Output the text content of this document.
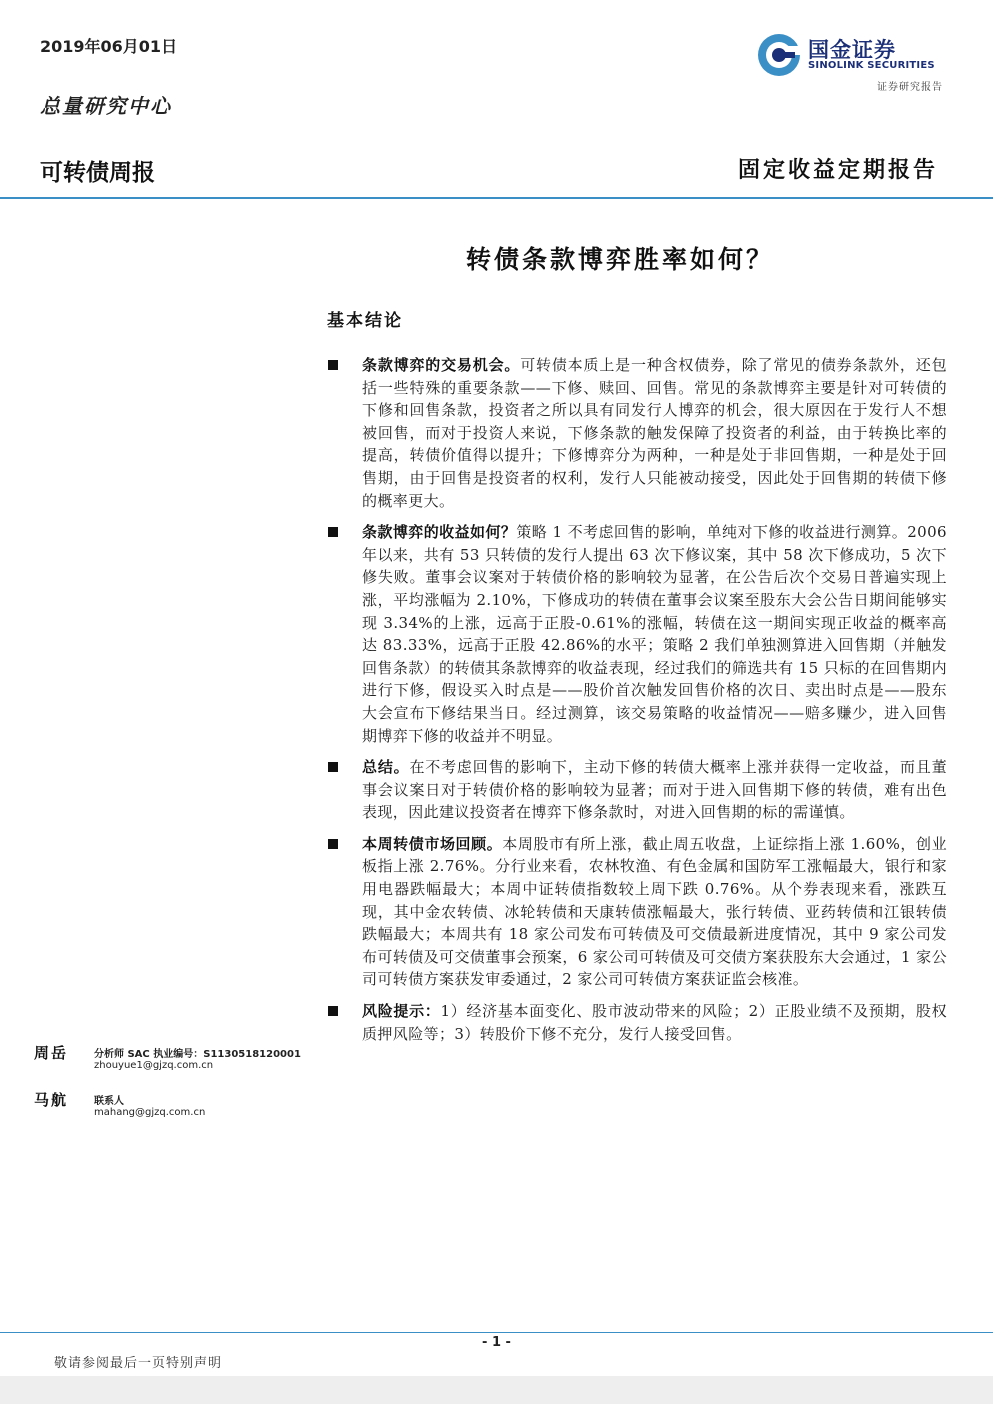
2019年06月01日
总量研究中心
国金证券
SINOLINK SECURITIES
证券研究报告
可转债周报	固定收益定期报告
转债条款博弈胜率如何？
基本结论
条款博弈的交易机会。可转债本质上是一种含权债券，除了常见的债券条款外，还包括一些特殊的重要条款——下修、赎回、回售。常见的条款博弈主要是针对可转债的下修和回售条款，投资者之所以具有同发行人博弈的机会，很大原因在于发行人不想被回售，而对于投资人来说，下修条款的触发保障了投资者的利益，由于转换比率的提高，转债价值得以提升；下修博弈分为两种，一种是处于非回售期，一种是处于回售期，由于回售是投资者的权利，发行人只能被动接受，因此处于回售期的转债下修的概率更大。
条款博弈的收益如何？策略 1 不考虑回售的影响，单纯对下修的收益进行测算。2006 年以来，共有 53 只转债的发行人提出 63 次下修议案，其中 58 次下修成功，5 次下修失败。董事会议案对于转债价格的影响较为显著，在公告后次个交易日普遍实现上涨，平均涨幅为 2.10%，下修成功的转债在董事会议案至股东大会公告日期间能够实现 3.34%的上涨，远高于正股-0.61%的涨幅，转债在这一期间实现正收益的概率高达 83.33%，远高于正股 42.86%的水平；策略 2 我们单独测算进入回售期（并触发回售条款）的转债其条款博弈的收益表现，经过我们的筛选共有 15 只标的在回售期内进行下修，假设买入时点是——股价首次触发回售价格的次日、卖出时点是——股东大会宣布下修结果当日。经过测算，该交易策略的收益情况——赔多赚少，进入回售期博弈下修的收益并不明显。
总结。在不考虑回售的影响下，主动下修的转债大概率上涨并获得一定收益，而且董事会议案日对于转债价格的影响较为显著；而对于进入回售期下修的转债，难有出色表现，因此建议投资者在博弈下修条款时，对进入回售期的标的需谨慎。
本周转债市场回顾。本周股市有所上涨，截止周五收盘，上证综指上涨 1.60%，创业板指上涨 2.76%。分行业来看，农林牧渔、有色金属和国防军工涨幅最大，银行和家用电器跌幅最大；本周中证转债指数较上周下跌 0.76%。从个券表现来看，涨跌互现，其中金农转债、冰轮转债和天康转债涨幅最大，张行转债、亚药转债和江银转债跌幅最大；本周共有 18 家公司发布可转债及可交债最新进度情况，其中 9 家公司发布可转债及可交债董事会预案，6 家公司可转债及可交债方案获股东大会通过，1 家公司可转债方案获发审委通过，2 家公司可转债方案获证监会核准。
风险提示：1）经济基本面变化、股市波动带来的风险；2）正股业绩不及预期，股权质押风险等；3）转股价下修不充分，发行人接受回售。
周岳	分析师 SAC 执业编号：S1130518120001
zhouyue1@gjzq.com.cn
马航	联系人
mahang@gjzq.com.cn
- 1 -
敬请参阅最后一页特别声明
